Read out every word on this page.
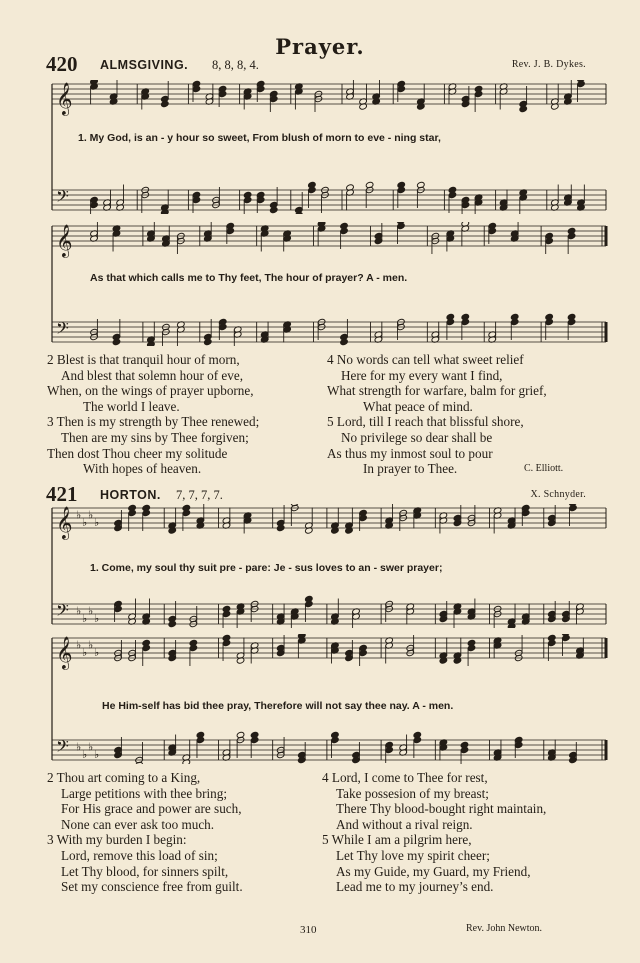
Prayer.
420 ALMSGIVING. 8, 8, 8, 4.	Rev. J. B. Dykes.
𝄞
𝄢
1. My God, is an - y hour so sweet, From blush of morn to eve - ning star,
𝄞
𝄢
As that which calls me to Thy feet, The hour of prayer? A - men.
2 Blest is that tranquil hour of morn,
And blest that solemn hour of eve,
When, on the wings of prayer upborne,
The world I leave.
3 Then is my strength by Thee renewed;
Then are my sins by Thee forgiven;
Then dost Thou cheer my solitude
With hopes of heaven.
4 No words can tell what sweet relief
Here for my every want I find,
What strength for warfare, balm for grief,
What peace of mind.
5 Lord, till I reach that blissful shore,
No privilege so dear shall be
As thus my inmost soul to pour
In prayer to Thee.	C. Elliott.
421 HORTON. 7, 7, 7, 7.	X. Schnyder.
𝄞 ♭
♭
♭
♭
𝄢 ♭
♭
♭
♭
1. Come, my soul thy suit pre - pare: Je - sus loves to an - swer prayer;
𝄞 ♭
♭
♭
♭
𝄢 ♭
♭
♭
♭
He Him-self has bid thee pray, Therefore will not say thee nay. A - men.
2 Thou art coming to a King,
Large petitions with thee bring;
For His grace and power are such,
None can ever ask too much.
3 With my burden I begin:
Lord, remove this load of sin;
Let Thy blood, for sinners spilt,
Set my conscience free from guilt.
4 Lord, I come to Thee for rest,
Take possesion of my breast;
There Thy blood-bought right maintain,
And without a rival reign.
5 While I am a pilgrim here,
Let Thy love my spirit cheer;
As my Guide, my Guard, my Friend,
Lead me to my journey’s end.
310	Rev. John Newton.
